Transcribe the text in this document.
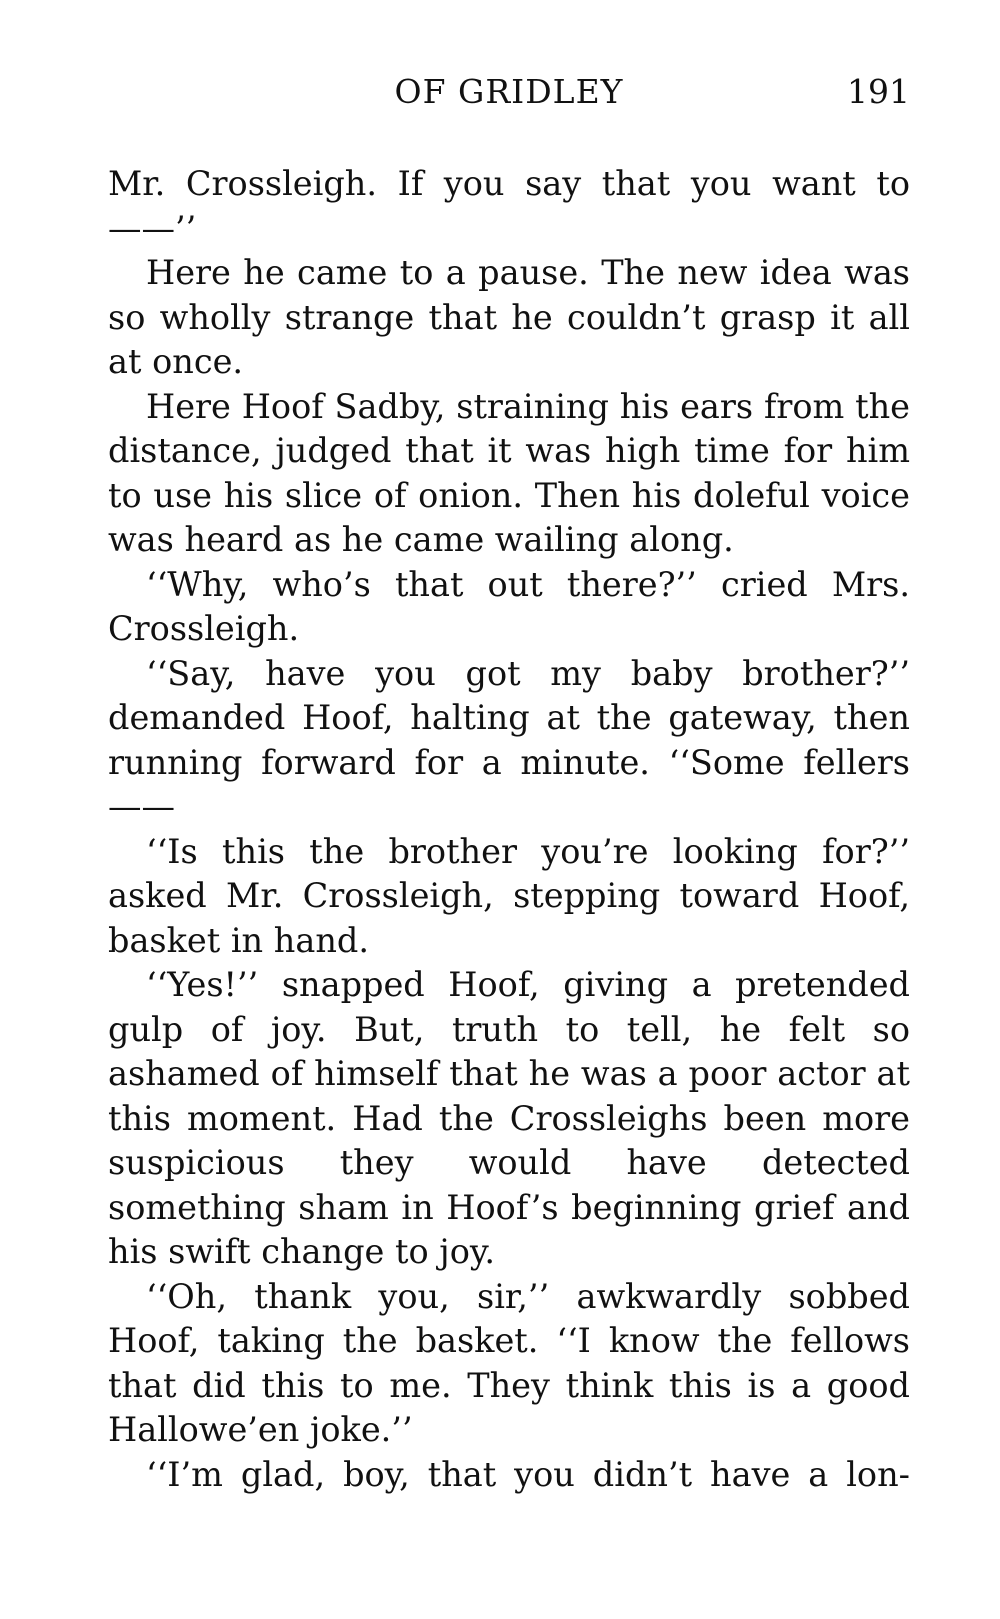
OF GRIDLEY	191

Mr. Crossleigh. If you say that you want to——’’

Here he came to a pause. The new idea was so wholly strange that he couldn’t grasp it all at once.

Here Hoof Sadby, straining his ears from the distance, judged that it was high time for him to use his slice of onion. Then his doleful voice was heard as he came wailing along.

‘‘Why, who’s that out there?’’ cried Mrs. Crossleigh.

‘‘Say, have you got my baby brother?’’ demanded Hoof, halting at the gateway, then running forward for a minute. ‘‘Some fellers——

‘‘Is this the brother you’re looking for?’’ asked Mr. Crossleigh, stepping toward Hoof, basket in hand.

‘‘Yes!’’ snapped Hoof, giving a pretended gulp of joy. But, truth to tell, he felt so ashamed of himself that he was a poor actor at this moment. Had the Crossleighs been more suspicious they would have detected something sham in Hoof’s beginning grief and his swift change to joy.

‘‘Oh, thank you, sir,’’ awkwardly sobbed Hoof, taking the basket. ‘‘I know the fellows that did this to me. They think this is a good Hallowe’en joke.’’

‘‘I’m glad, boy, that you didn’t have a lon-
